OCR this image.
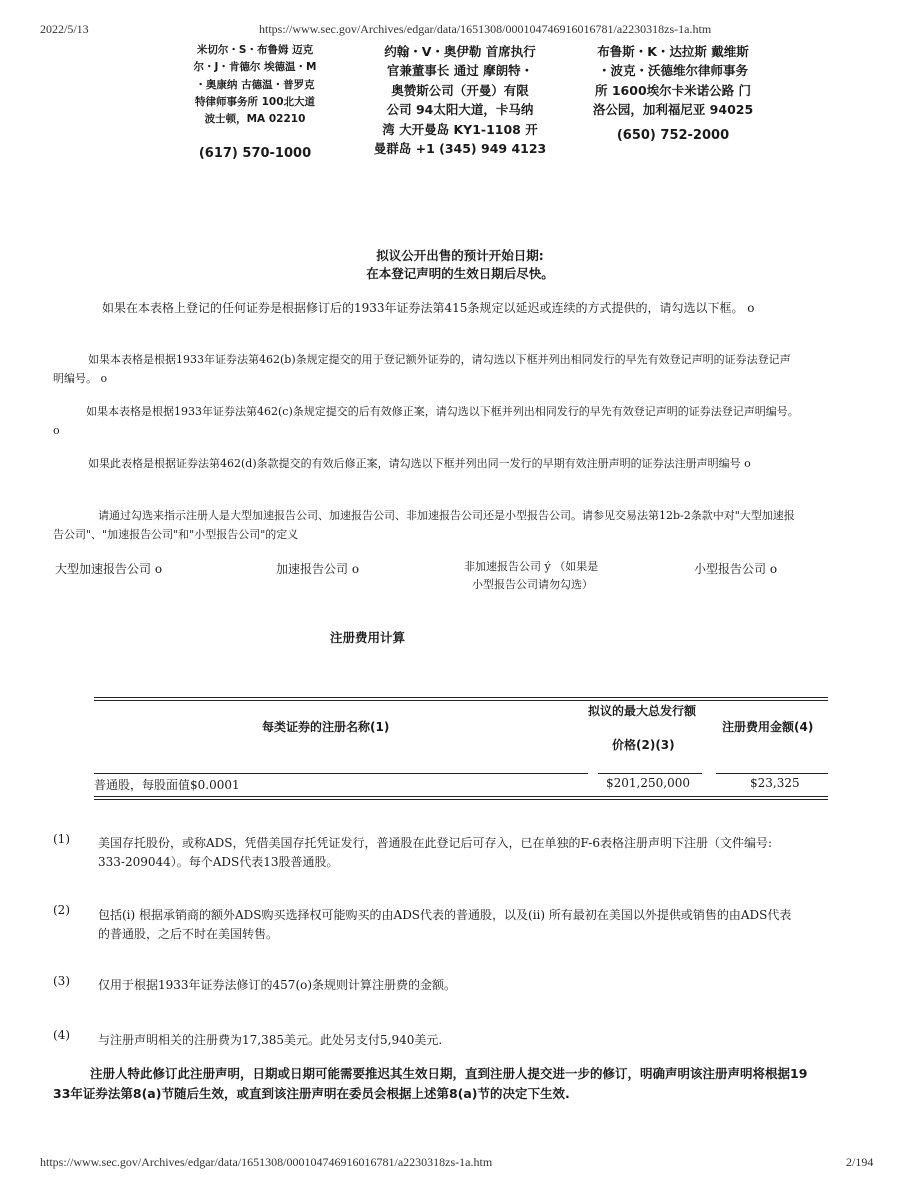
2022/5/13	https://www.sec.gov/Archives/edgar/data/1651308/000104746916016781/a2230318zs-1a.htm
米切尔・S・布鲁姆 迈克
尔・J・肯德尔 埃德温・M
・奥康纳 古德温・普罗克
特律师事务所 100北大道
波士顿，MA 02210
(617) 570-1000
约翰・V・奥伊勒 首席执行
官兼董事长 通过 摩朗特・
奥赞斯公司（开曼）有限
公司 94太阳大道，卡马纳
湾 大开曼岛 KY1-1108 开
曼群岛 +1 (345) 949 4123
布鲁斯・K・达拉斯 戴维斯
・波克・沃德维尔律师事务
所 1600埃尔卡米诺公路 门
洛公园，加利福尼亚 94025
(650) 752-2000
拟议公开出售的预计开始日期:
在本登记声明的生效日期后尽快。
如果在本表格上登记的任何证券是根据修订后的1933年证券法第415条规定以延迟或连续的方式提供的，请勾选以下框。 o
如果本表格是根据1933年证券法第462(b)条规定提交的用于登记额外证券的，请勾选以下框并列出相同发行的早先有效登记声明的证券法登记声
明编号。 o
如果本表格是根据1933年证券法第462(c)条规定提交的后有效修正案，请勾选以下框并列出相同发行的早先有效登记声明的证券法登记声明编号。
o
如果此表格是根据证券法第462(d)条款提交的有效后修正案，请勾选以下框并列出同一发行的早期有效注册声明的证券法注册声明编号 o
请通过勾选来指示注册人是大型加速报告公司、加速报告公司、非加速报告公司还是小型报告公司。请参见交易法第12b-2条款中对"大型加速报
告公司"、"加速报告公司"和"小型报告公司"的定义
大型加速报告公司 o	加速报告公司 o	非加速报告公司 ý （如果是
小型报告公司请勿勾选）
小型报告公司 o
注册费用计算
每类证券的注册名称(1)
拟议的最大总发行额
价格(2)(3)
注册费用金额(4)
普通股，每股面值$0.0001	$201,250,000	$23,325
(1) 美国存托股份，或称ADS，凭借美国存托凭证发行，普通股在此登记后可存入，已在单独的F-6表格注册声明下注册（文件编号:
333-209044）。每个ADS代表13股普通股。
(2) 包括(i) 根据承销商的额外ADS购买选择权可能购买的由ADS代表的普通股，以及(ii) 所有最初在美国以外提供或销售的由ADS代表
的普通股，之后不时在美国转售。
(3) 仅用于根据1933年证券法修订的457(o)条规则计算注册费的金额。
(4) 与注册声明相关的注册费为17,385美元。此处另支付5,940美元.
注册人特此修订此注册声明，日期或日期可能需要推迟其生效日期，直到注册人提交进一步的修订，明确声明该注册声明将根据19
33年证券法第8(a)节随后生效，或直到该注册声明在委员会根据上述第8(a)节的决定下生效.
https://www.sec.gov/Archives/edgar/data/1651308/000104746916016781/a2230318zs-1a.htm	2/194
